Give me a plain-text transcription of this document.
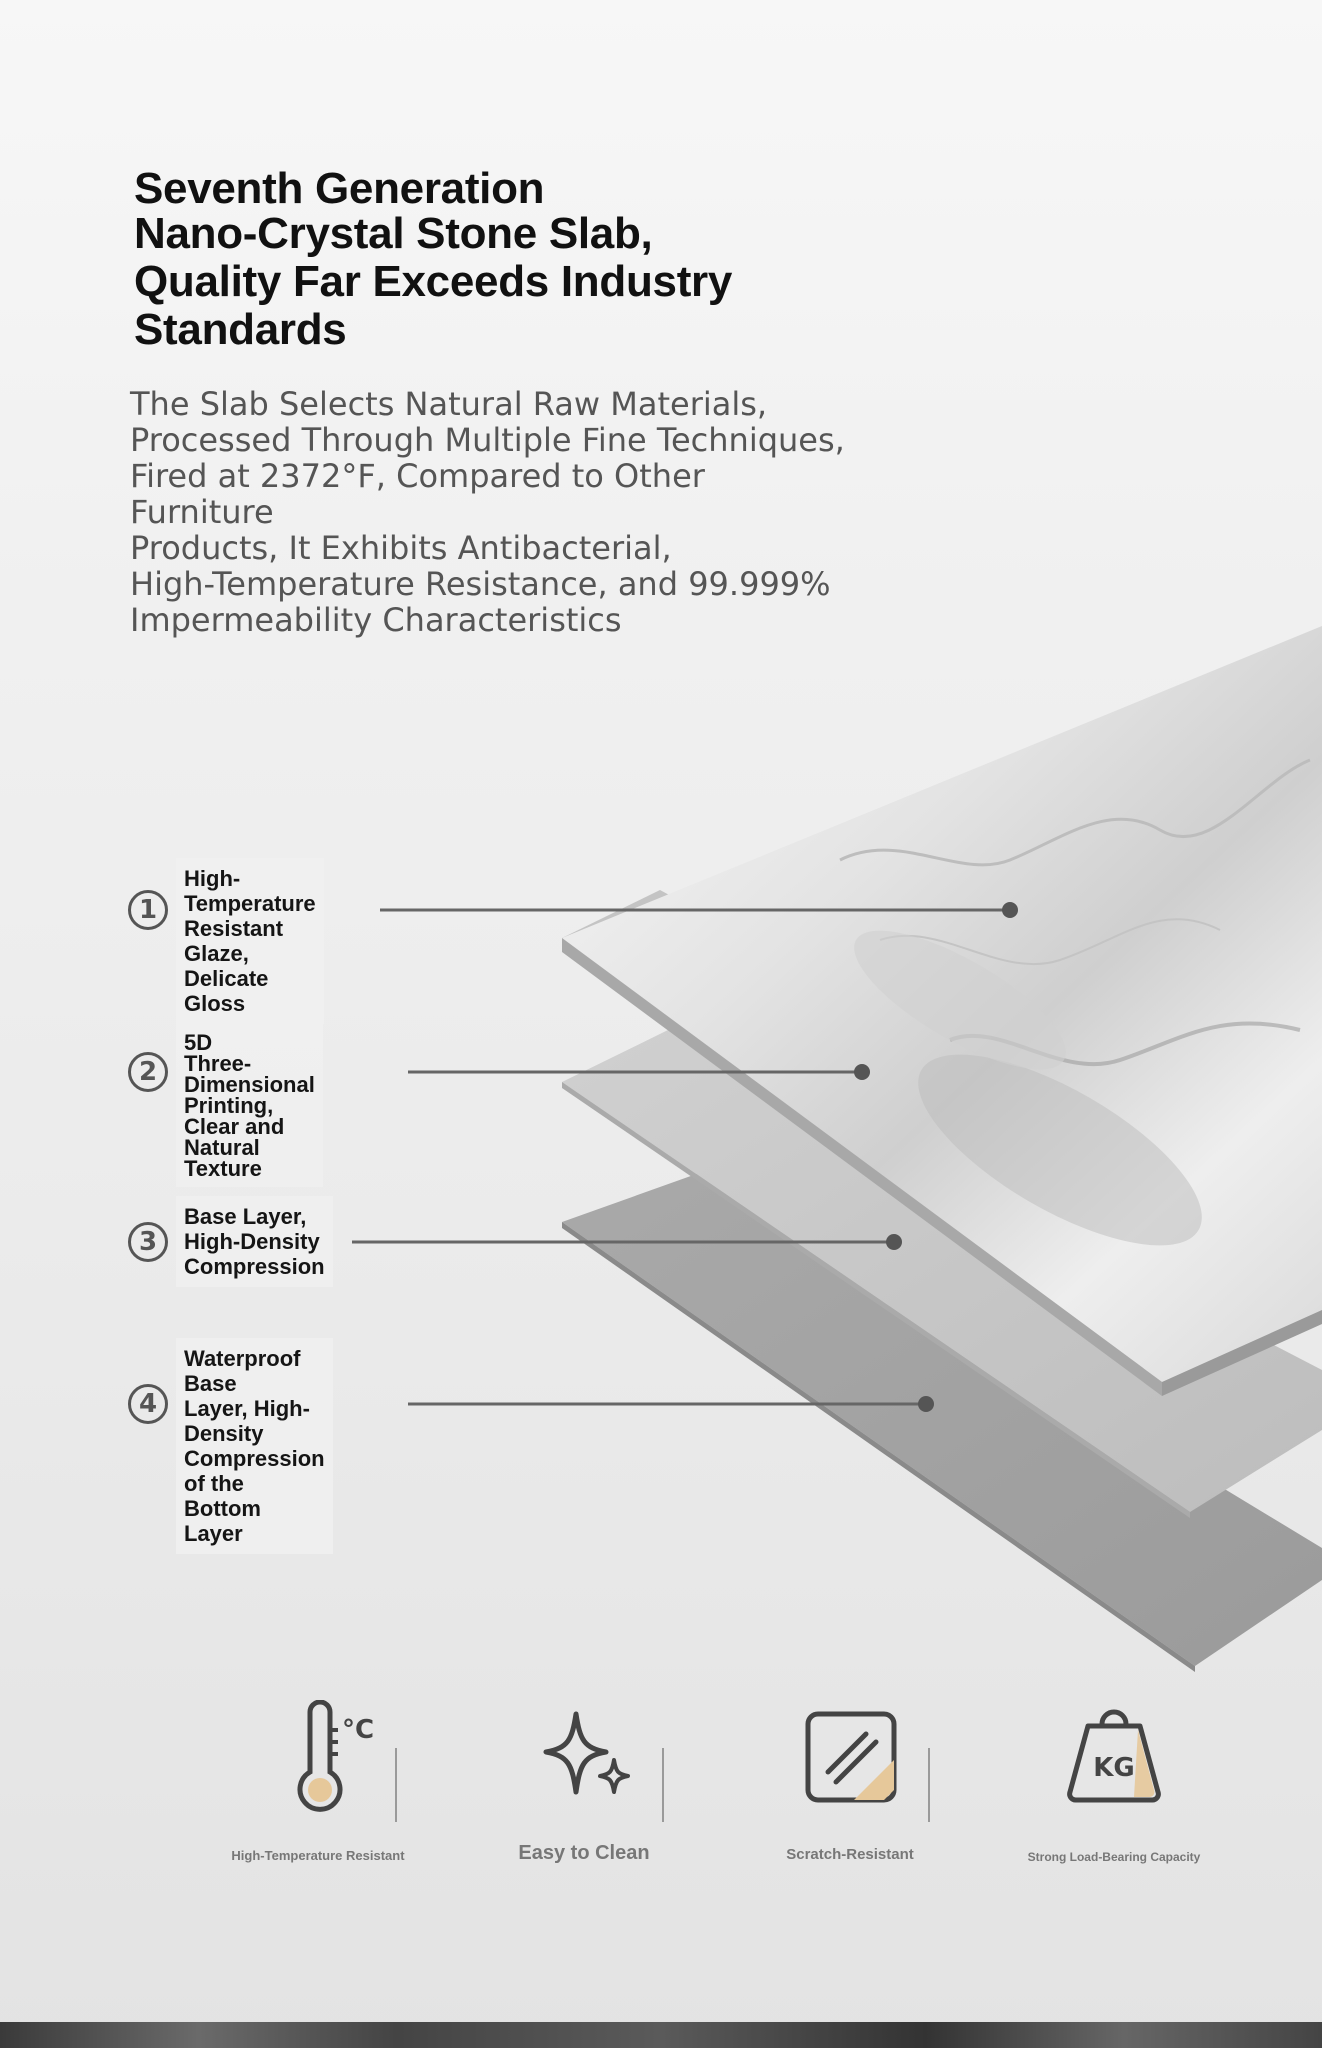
Seventh Generation
Nano-Crystal Stone Slab,
Quality Far Exceeds Industry
Standards
The Slab Selects Natural Raw Materials,
Processed Through Multiple Fine Techniques,
Fired at 2372°F, Compared to Other Furniture
Products, It Exhibits Antibacterial,
High-Temperature Resistance, and 99.999%
Impermeability Characteristics
1
High-Temperature
Resistant Glaze,
Delicate Gloss
2
5D
Three-Dimensional
Printing, Clear and
Natural Texture
3
Base Layer,
High-Density
Compression
4
Waterproof Base
Layer, High-Density
Compression of the
Bottom Layer
°C
High-Temperature Resistant	Easy to Clean	Scratch-Resistant
KG
Strong Load-Bearing Capacity
